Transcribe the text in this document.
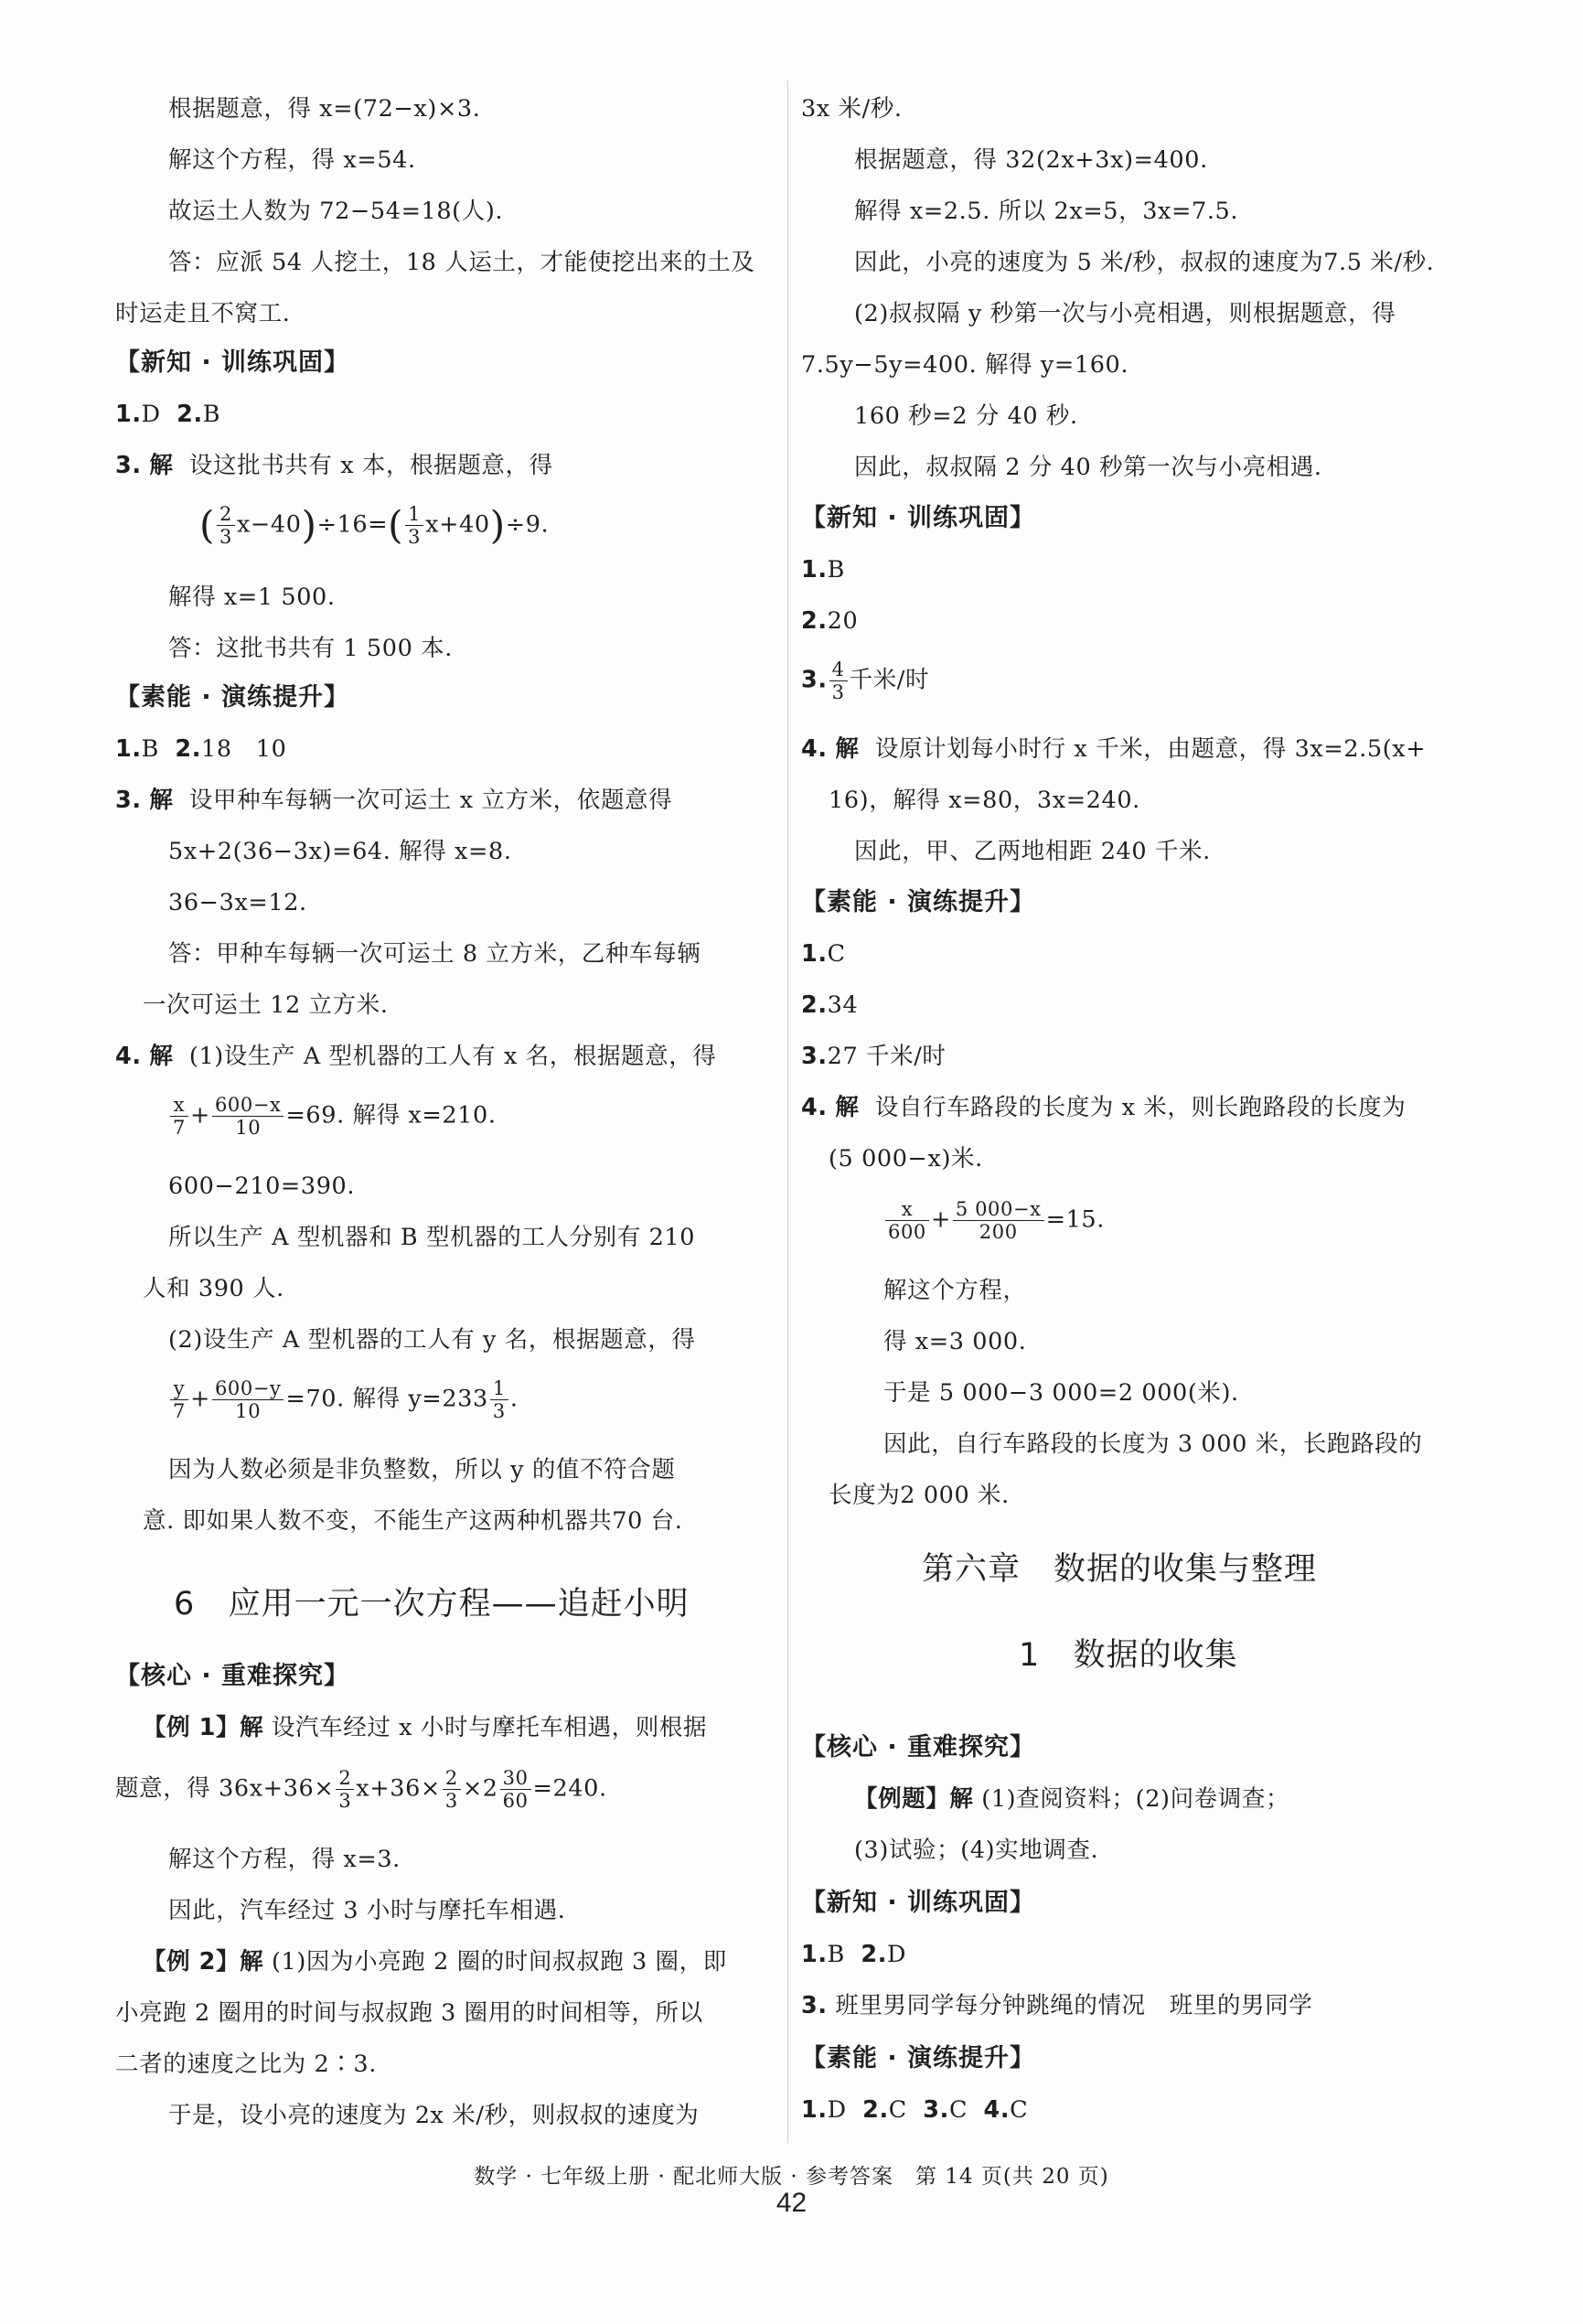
根据题意，得 x=(72−x)×3.
解这个方程，得 x=54.
故运土人数为 72−54=18(人).
答：应派 54 人挖土，18 人运土，才能使挖出来的土及
时运走且不窝工.
【新知 · 训练巩固】
1.D 2.B
3. 解 设这批书共有 x 本，根据题意，得
( $\frac{2}{3} x-40)\div 16=( \frac{1}{3} x+40)\div 9$.
解得 x=1 500.
答：这批书共有 1 500 本.
【素能 · 演练提升】
1.B 2.18　10
3. 解 设甲种车每辆一次可运土 x 立方米，依题意得
5x+2(36−3x)=64. 解得 x=8.
36−3x=12.
答：甲种车每辆一次可运土 8 立方米，乙种车每辆
一次可运土 12 立方米.
4. 解 (1)设生产 A 型机器的工人有 x 名，根据题意，得
$\frac{x}{7} + \frac{600-x}{10} =69$. 解得 x=210.
600−210=390.
所以生产 A 型机器和 B 型机器的工人分别有 210
人和 390 人.
(2)设生产 A 型机器的工人有 y 名，根据题意，得
$\frac{y}{7} + \frac{600-y}{10} =70$. 解得 $y=233 \frac{1}{3}$ .
因为人数必须是非负整数，所以 y 的值不符合题
意. 即如果人数不变，不能生产这两种机器共70 台.
6 应用一元一次方程——追赶小明
【核心 · 重难探究】
【例 1】解 设汽车经过 x 小时与摩托车相遇，则根据
题意，得 $36x+36\times \frac{2}{3} x+36\times \frac{2}{3} \times 2 \frac{30}{60} =240$.
解这个方程，得 x=3.
因此，汽车经过 3 小时与摩托车相遇.
【例 2】解 (1)因为小亮跑 2 圈的时间叔叔跑 3 圈，即
小亮跑 2 圈用的时间与叔叔跑 3 圈用的时间相等，所以
二者的速度之比为 2∶3.
于是，设小亮的速度为 2x 米/秒，则叔叔的速度为
3x 米/秒.
根据题意，得 32(2x+3x)=400.
解得 x=2.5. 所以 2x=5，3x=7.5.
因此，小亮的速度为 5 米/秒，叔叔的速度为7.5 米/秒.
(2)叔叔隔 y 秒第一次与小亮相遇，则根据题意，得
7.5y−5y=400. 解得 y=160.
160 秒=2 分 40 秒.
因此，叔叔隔 2 分 40 秒第一次与小亮相遇.
【新知 · 训练巩固】
1.B
2.20
3. $\frac{4}{3}$ 千米/时
4. 解 设原计划每小时行 x 千米，由题意，得 3x=2.5(x+
16)，解得 x=80，3x=240.
因此，甲、乙两地相距 240 千米.
【素能 · 演练提升】
1.C
2.34
3.27 千米/时
4. 解 设自行车路段的长度为 x 米，则长跑路段的长度为
(5 000−x)米.
$\frac{x}{600} + \frac{5 000-x}{200} =15$.
解这个方程，
得 x=3 000.
于是 5 000−3 000=2 000(米).
因此，自行车路段的长度为 3 000 米，长跑路段的
长度为2 000 米.
第六章　数据的收集与整理
1 数据的收集
【核心 · 重难探究】
【例题】解 (1)查阅资料；(2)问卷调查；
(3)试验；(4)实地调查.
【新知 · 训练巩固】
1.B 2.D
3. 班里男同学每分钟跳绳的情况　班里的男同学
【素能 · 演练提升】
1.D 2.C 3.C 4.C
数学 · 七年级上册 · 配北师大版 · 参考答案　第 14 页(共 20 页)
42
